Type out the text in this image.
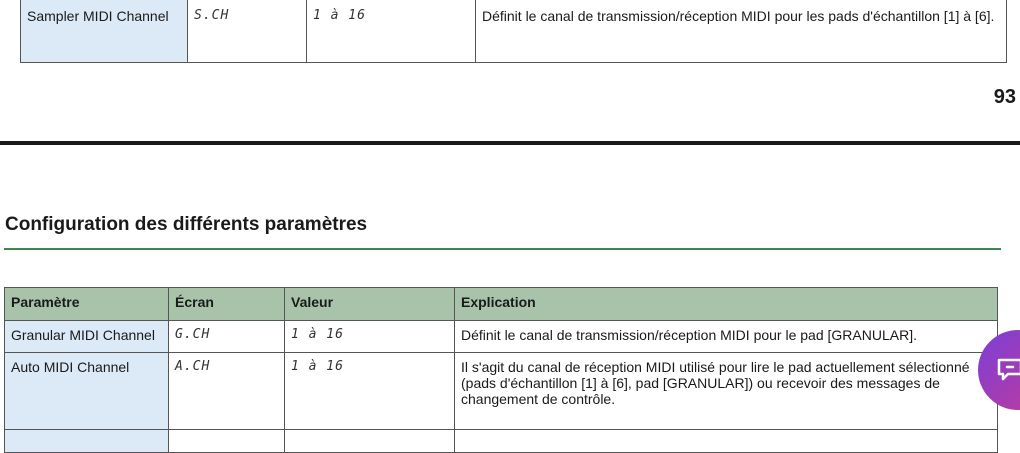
Sampler MIDI Channel	S.CH	1 à 16	Définit le canal de transmission/réception MIDI pour les pads d'échantillon [1] à [6].
93
Configuration des différents paramètres
Paramètre	Écran	Valeur	Explication
Granular MIDI Channel	G.CH	1 à 16	Définit le canal de transmission/réception MIDI pour le pad [GRANULAR].
Auto MIDI Channel	A.CH	1 à 16	Il s'agit du canal de réception MIDI utilisé pour lire le pad actuellement sélectionné (pads d'échantillon [1] à [6], pad [GRANULAR]) ou recevoir des messages de changement de contrôle.
